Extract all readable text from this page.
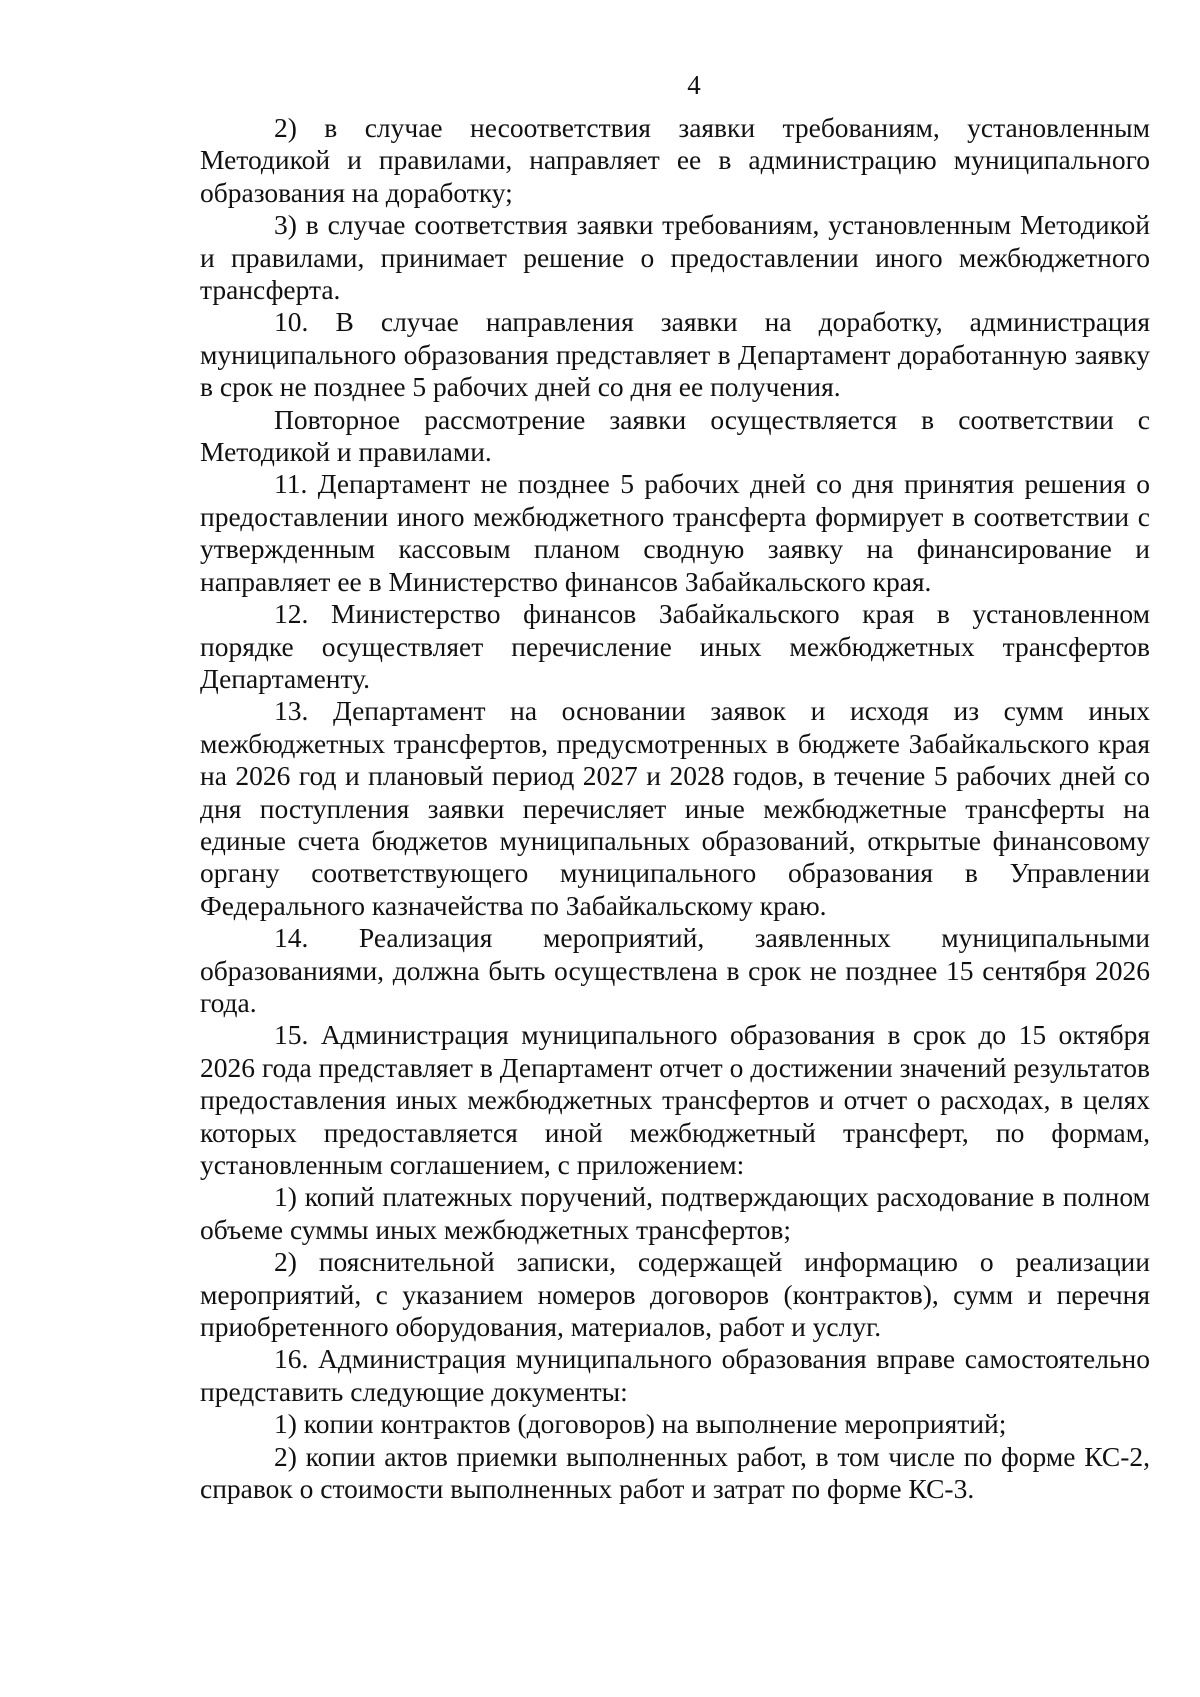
4

2) в случае несоответствия заявки требованиям, установленным Методикой и правилами, направляет ее в администрацию муниципального образования на доработку;

3) в случае соответствия заявки требованиям, установленным Методикой и правилами, принимает решение о предоставлении иного межбюджетного трансферта.

10. В случае направления заявки на доработку, администрация муниципального образования представляет в Департамент доработанную заявку в срок не позднее 5 рабочих дней со дня ее получения.

Повторное рассмотрение заявки осуществляется в соответствии с Методикой и правилами.

11. Департамент не позднее 5 рабочих дней со дня принятия решения о предоставлении иного межбюджетного трансферта формирует в соответствии с утвержденным кассовым планом сводную заявку на финансирование и направляет ее в Министерство финансов Забайкальского края.

12. Министерство финансов Забайкальского края в установленном порядке осуществляет перечисление иных межбюджетных трансфертов Департаменту.

13. Департамент на основании заявок и исходя из сумм иных межбюджетных трансфертов, предусмотренных в бюджете Забайкальского края на 2026 год и плановый период 2027 и 2028 годов, в течение 5 рабочих дней со дня поступления заявки перечисляет иные межбюджетные трансферты на единые счета бюджетов муниципальных образований, открытые финансовому органу соответствующего муниципального образования в Управлении Федерального казначейства по Забайкальскому краю.

14. Реализация мероприятий, заявленных муниципальными образованиями, должна быть осуществлена в срок не позднее 15 сентября 2026 года.

15. Администрация муниципального образования в срок до 15 октября 2026 года представляет в Департамент отчет о достижении значений результатов предоставления иных межбюджетных трансфертов и отчет о расходах, в целях которых предоставляется иной межбюджетный трансферт, по формам, установленным соглашением, с приложением:

1) копий платежных поручений, подтверждающих расходование в полном объеме суммы иных межбюджетных трансфертов;

2) пояснительной записки, содержащей информацию о реализации мероприятий, с указанием номеров договоров (контрактов), сумм и перечня приобретенного оборудования, материалов, работ и услуг.

16. Администрация муниципального образования вправе самостоятельно представить следующие документы:

1) копии контрактов (договоров) на выполнение мероприятий;

2) копии актов приемки выполненных работ, в том числе по форме КС-2, справок о стоимости выполненных работ и затрат по форме КС-3.
